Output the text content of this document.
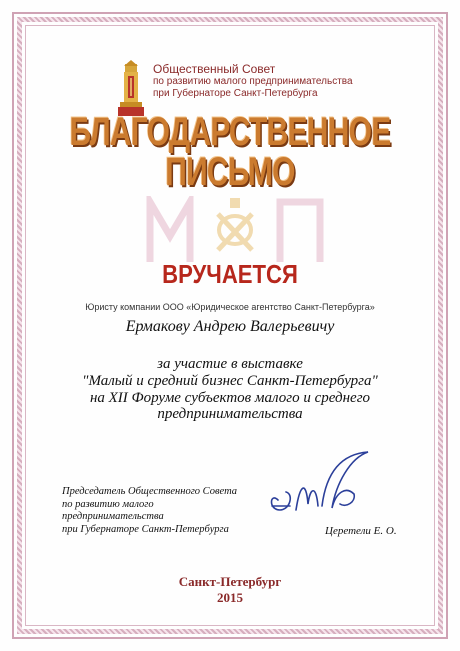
Общественный Совет
по развитию малого предпринимательства
при Губернаторе Санкт-Петербурга
БЛАГОДАРСТВЕННОЕ
ПИСЬМО
ВРУЧАЕТСЯ
Юристу компании ООО «Юридическое агентство Санкт-Петербурга»
Ермакову Андрею Валерьевичу
за участие в выставке
"Малый и средний бизнес Санкт-Петербурга"
на XII Форуме субъектов малого и среднего
предпринимательства
Председатель Общественного Совета
по развитию малого
предпринимательства
при Губернаторе Санкт-Петербурга	Церетели Е. О.
Санкт-Петербург
2015
